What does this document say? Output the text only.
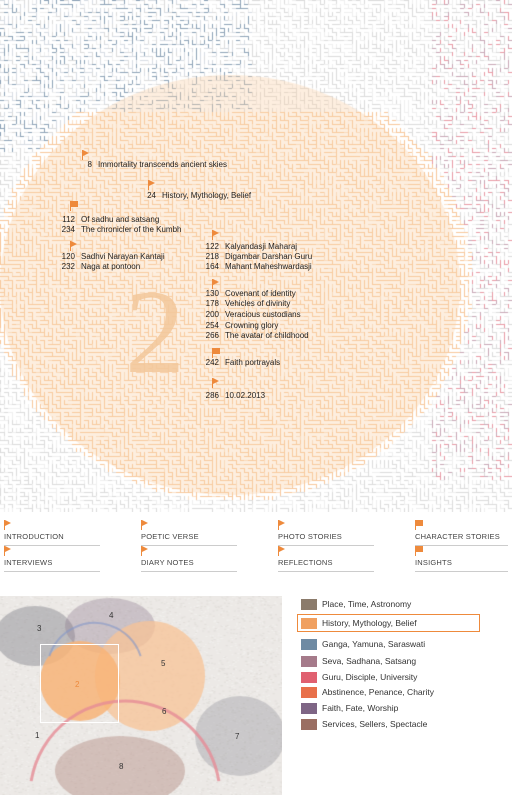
2
8 Immortality transcends ancient skies
24 History, Mythology, Belief
112 Of sadhu and satsang
234 The chronicler of the Kumbh
120 Sadhvi Narayan Kantaji
232 Naga at pontoon
122 Kalyandasji Maharaj
218 Digambar Darshan Guru
164 Mahant Maheshwardasji
130 Covenant of identity
178 Vehicles of divinity
200 Veracious custodians
254 Crowning glory
266 The avatar of childhood
242 Faith portrayals
286 10.02.2013
INTRODUCTION	POETIC VERSE	PHOTO STORIES	CHARACTER STORIES
INTERVIEWS	DIARY NOTES	REFLECTIONS	INSIGHTS
1
2
3
4
5
6
7
8
Place, Time, Astronomy
History, Mythology, Belief
Ganga, Yamuna, Saraswati
Seva, Sadhana, Satsang
Guru, Disciple, University
Abstinence, Penance, Charity
Faith, Fate, Worship
Services, Sellers, Spectacle
